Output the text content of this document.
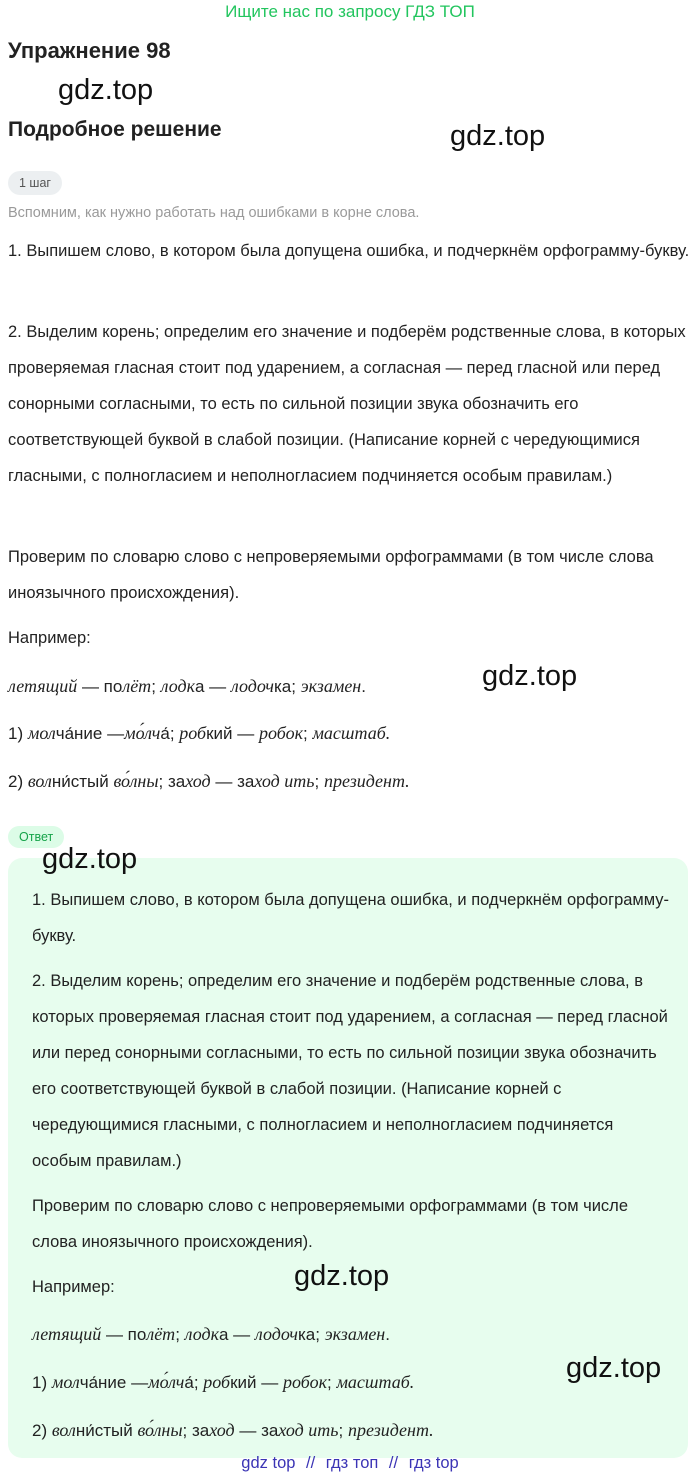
Ищите нас по запросу ГДЗ ТОП
Упражнение 98
gdz.top
Подробное решение	gdz.top
1 шаг
Вспомним, как нужно работать над ошибками в корне слова.
1. Выпишем слово, в котором была допущена ошибка, и подчеркнём орфограмму-букву.
2. Выделим корень; определим его значение и подберём родственные слова, в которых проверяемая гласная стоит под ударением, а согласная — перед гласной или перед сонорными согласными, то есть по сильной позиции звука обозначить его соответствующей буквой в слабой позиции. (Написание корней с чередующимися гласными, с полногласием и неполногласием подчиняется особым правилам.)
Проверим по словарю слово с непроверяемыми орфограммами (в том числе слова иноязычного происхождения).
Например:
летящий — полёт; лодка — лодочка; экзамен.	gdz.top
1) молча́ние —мо́лча́; робкий — робок; масштаб.
2) волни́стый во́лны; заход — заход ить; президент.
Ответ
gdz.top
1. Выпишем слово, в котором была допущена ошибка, и подчеркнём орфограмму-букву.
2. Выделим корень; определим его значение и подберём родственные слова, в которых проверяемая гласная стоит под ударением, а согласная — перед гласной или перед сонорными согласными, то есть по сильной позиции звука обозначить его соответствующей буквой в слабой позиции. (Написание корней с чередующимися гласными, с полногласием и неполногласием подчиняется особым правилам.)
Проверим по словарю слово с непроверяемыми орфограммами (в том числе слова иноязычного происхождения).
Например:	gdz.top
летящий — полёт; лодка — лодочка; экзамен.
gdz.top
1) молча́ние —мо́лча́; робкий — робок; масштаб.
2) волни́стый во́лны; заход — заход ить; президент.
gdz top // гдз топ // гдз top
